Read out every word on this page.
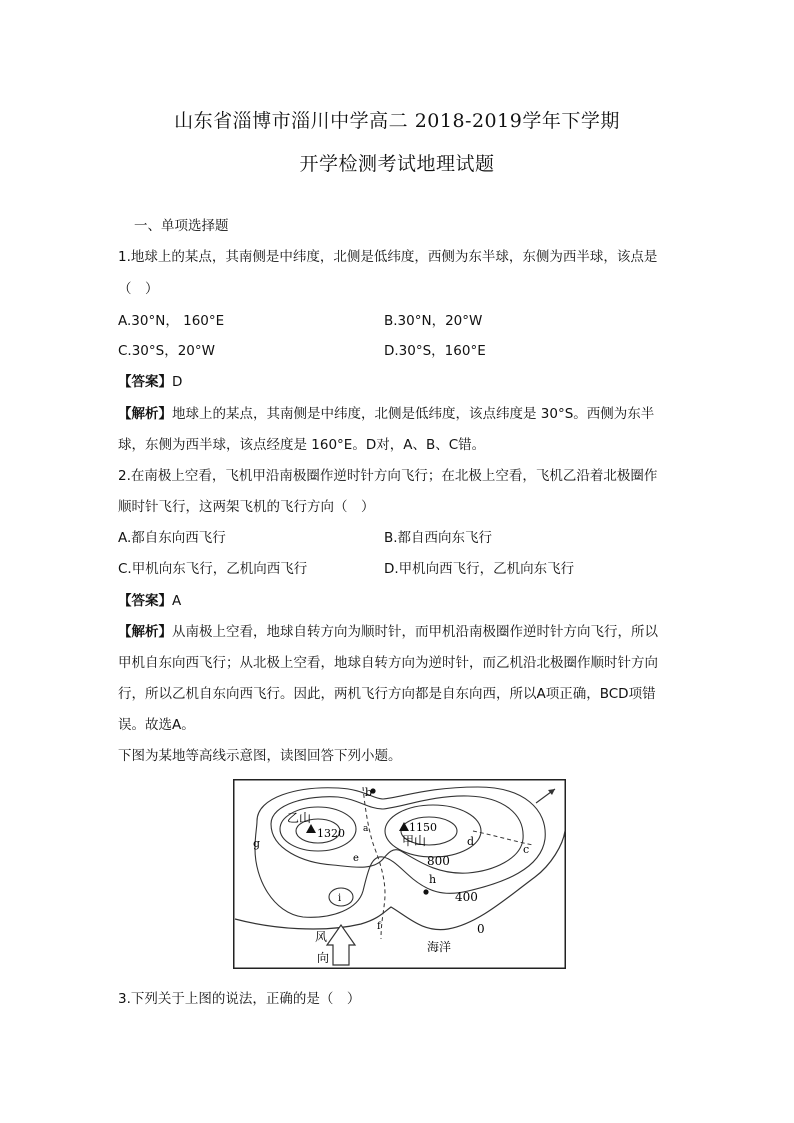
山东省淄博市淄川中学高二 2018-2019学年下学期
开学检测考试地理试题
一、单项选择题
1.地球上的某点，其南侧是中纬度，北侧是低纬度，西侧为东半球，东侧为西半球，该点是
（　）
A.30°N， 160°E	B.30°N，20°W
C.30°S，20°W	D.30°S，160°E
【答案】D
【解析】地球上的某点，其南侧是中纬度，北侧是低纬度，该点纬度是 30°S。西侧为东半
球，东侧为西半球，该点经度是 160°E。D对，A、B、C错。
2.在南极上空看，飞机甲沿南极圈作逆时针方向飞行；在北极上空看，飞机乙沿着北极圈作
顺时针飞行，这两架飞机的飞行方向（　）
A.都自东向西飞行	B.都自西向东飞行
C.甲机向东飞行，乙机向西飞行	D.甲机向西飞行，乙机向东飞行
【答案】A
【解析】从南极上空看，地球自转方向为顺时针，而甲机沿南极圈作逆时针方向飞行，所以
甲机自东向西飞行；从北极上空看，地球自转方向为逆时针，而乙机沿北极圈作顺时针方向
行，所以乙机自东向西飞行。因此，两机飞行方向都是自东向西，所以A项正确，BCD项错
误。故选A。
下图为某地等高线示意图，读图回答下列小题。
b
乙山
1320 a	1150
甲山
g
e
d
c
h
i
f
800
400
0
风
向
海洋
3.下列关于上图的说法，正确的是（　）
